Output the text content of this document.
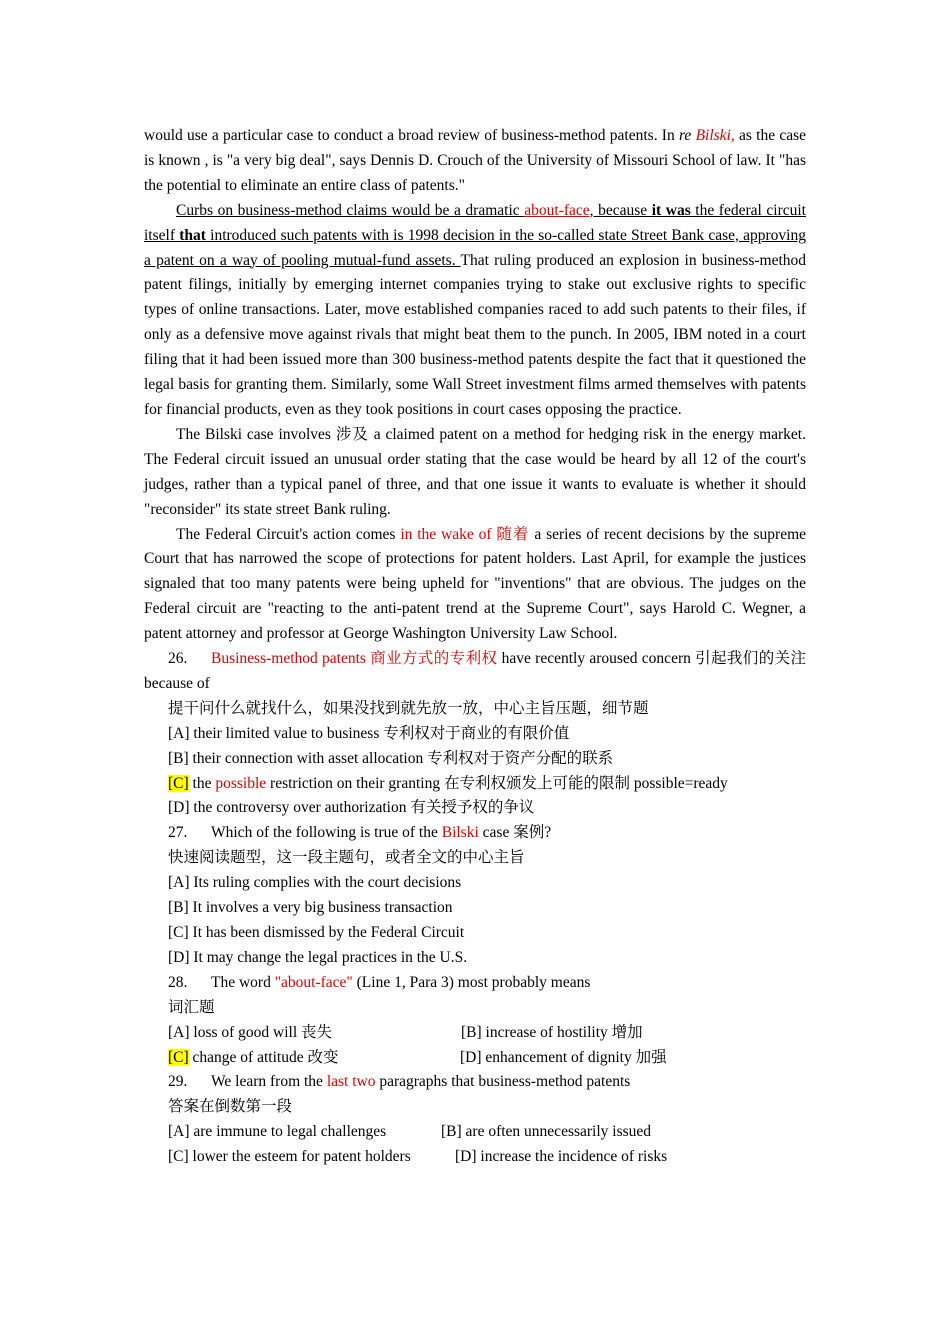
would use a particular case to conduct a broad review of business-method patents. In re Bilski, as the case is known , is "a very big deal", says Dennis D. Crouch of the University of Missouri School of law. It "has the potential to eliminate an entire class of patents."

Curbs on business-method claims would be a dramatic about-face, because it was the federal circuit itself that introduced such patents with is 1998 decision in the so-called state Street Bank case, approving a patent on a way of pooling mutual-fund assets. That ruling produced an explosion in business-method patent filings, initially by emerging internet companies trying to stake out exclusive rights to specific types of online transactions. Later, move established companies raced to add such patents to their files, if only as a defensive move against rivals that might beat them to the punch. In 2005, IBM noted in a court filing that it had been issued more than 300 business-method patents despite the fact that it questioned the legal basis for granting them. Similarly, some Wall Street investment films armed themselves with patents for financial products, even as they took positions in court cases opposing the practice.

The Bilski case involves 涉及 a claimed patent on a method for hedging risk in the energy market. The Federal circuit issued an unusual order stating that the case would be heard by all 12 of the court's judges, rather than a typical panel of three, and that one issue it wants to evaluate is whether it should "reconsider" its state street Bank ruling.

The Federal Circuit's action comes in the wake of 随着 a series of recent decisions by the supreme Court that has narrowed the scope of protections for patent holders. Last April, for example the justices signaled that too many patents were being upheld for "inventions" that are obvious. The judges on the Federal circuit are "reacting to the anti-patent trend at the Supreme Court", says Harold C. Wegner, a patent attorney and professor at George Washington University Law School.

26. Business-method patents 商业方式的专利权 have recently aroused concern 引起我们的关注 because of

提干问什么就找什么，如果没找到就先放一放，中心主旨压题，细节题

[A] their limited value to business 专利权对于商业的有限价值

[B] their connection with asset allocation 专利权对于资产分配的联系

[C] the possible restriction on their granting 在专利权颁发上可能的限制 possible=ready

[D] the controversy over authorization 有关授予权的争议

27. Which of the following is true of the Bilski case 案例?

快速阅读题型，这一段主题句，或者全文的中心主旨

[A] Its ruling complies with the court decisions

[B] It involves a very big business transaction

[C] It has been dismissed by the Federal Circuit

[D] It may change the legal practices in the U.S.

28. The word "about-face" (Line 1, Para 3) most probably means

词汇题

[A] loss of good will 丧失	[B] increase of hostility 增加

[C] change of attitude 改变	[D] enhancement of dignity 加强

29. We learn from the last two paragraphs that business-method patents

答案在倒数第一段

[A] are immune to legal challenges	[B] are often unnecessarily issued

[C] lower the esteem for patent holders	[D] increase the incidence of risks
